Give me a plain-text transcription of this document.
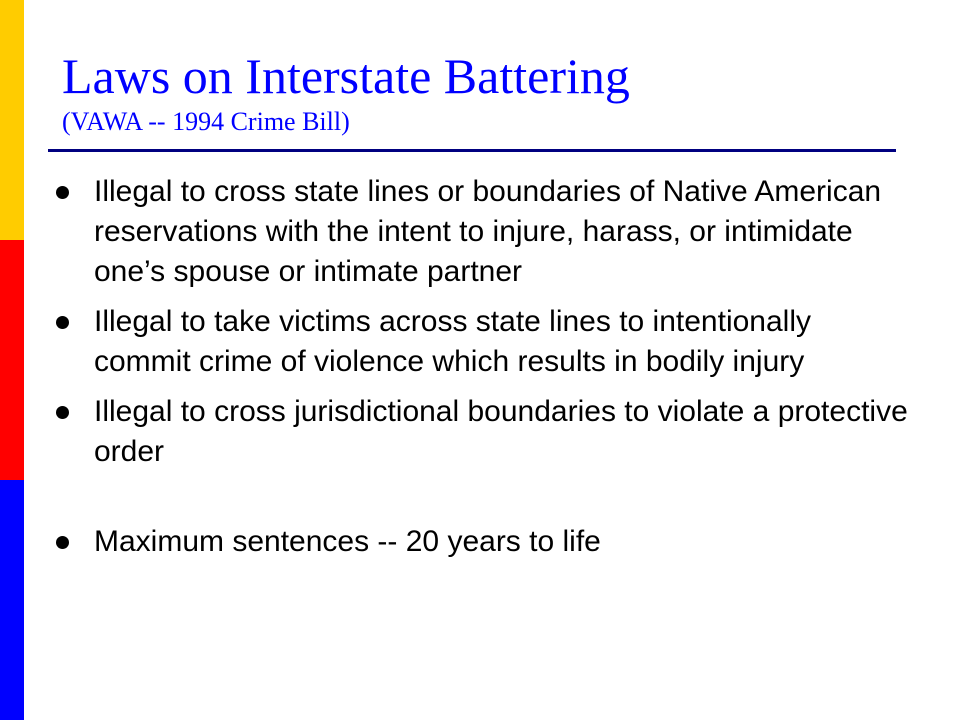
Laws on Interstate Battering
(VAWA -- 1994 Crime Bill)
Illegal to cross state lines or boundaries of Native American reservations with the intent to injure, harass, or intimidate one’s spouse or intimate partner
Illegal to take victims across state lines to intentionally commit crime of violence which results in bodily injury
Illegal to cross jurisdictional boundaries to violate a protective order
Maximum sentences -- 20 years to life
